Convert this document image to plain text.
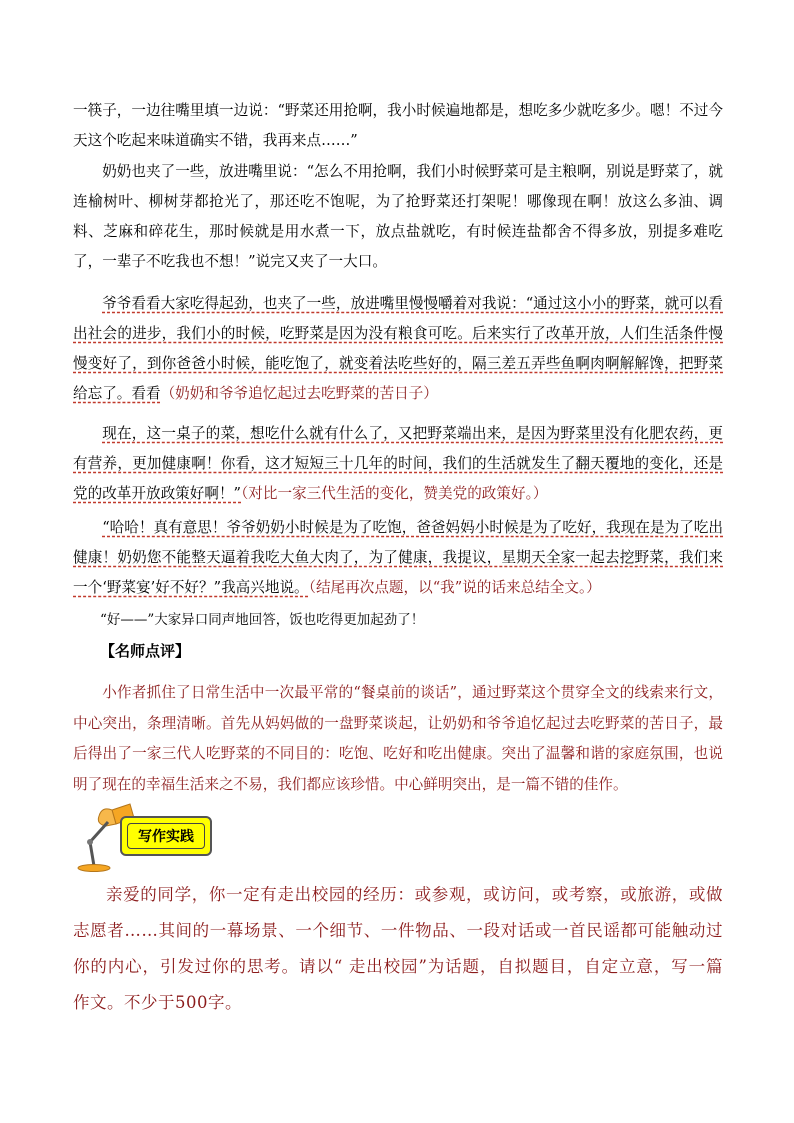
一筷子，一边往嘴里填一边说：“野菜还用抢啊，我小时候遍地都是，想吃多少就吃多少。嗯！不过今天这个吃起来味道确实不错，我再来点……”

奶奶也夹了一些，放进嘴里说：“怎么不用抢啊，我们小时候野菜可是主粮啊，别说是野菜了，就连榆树叶、柳树芽都抢光了，那还吃不饱呢，为了抢野菜还打架呢！哪像现在啊！放这么多油、调料、芝麻和碎花生，那时候就是用水煮一下，放点盐就吃，有时候连盐都舍不得多放，别提多难吃了，一辈子不吃我也不想！”说完又夹了一大口。

爷爷看看大家吃得起劲，也夹了一些，放进嘴里慢慢嚼着对我说：“通过这小小的野菜，就可以看出社会的进步，我们小的时候，吃野菜是因为没有粮食可吃。后来实行了改革开放，人们生活条件慢慢变好了，到你爸爸小时候，能吃饱了，就变着法吃些好的，隔三差五弄些鱼啊肉啊解解馋，把野菜给忘了。看看（奶奶和爷爷追忆起过去吃野菜的苦日子）

现在，这一桌子的菜，想吃什么就有什么了，又把野菜端出来，是因为野菜里没有化肥农药，更有营养，更加健康啊！你看，这才短短三十几年的时间，我们的生活就发生了翻天覆地的变化，还是党的改革开放政策好啊！”（对比一家三代生活的变化，赞美党的政策好。）

“哈哈！真有意思！爷爷奶奶小时候是为了吃饱，爸爸妈妈小时候是为了吃好，我现在是为了吃出健康！奶奶您不能整天逼着我吃大鱼大肉了，为了健康，我提议，星期天全家一起去挖野菜，我们来一个‘野菜宴’好不好？”我高兴地说。（结尾再次点题，以“我”说的话来总结全文。）

“好——”大家异口同声地回答，饭也吃得更加起劲了！

【名师点评】

小作者抓住了日常生活中一次最平常的“餐桌前的谈话”，通过野菜这个贯穿全文的线索来行文，中心突出，条理清晰。首先从妈妈做的一盘野菜谈起，让奶奶和爷爷追忆起过去吃野菜的苦日子，最后得出了一家三代人吃野菜的不同目的：吃饱、吃好和吃出健康。突出了温馨和谐的家庭氛围，也说明了现在的幸福生活来之不易，我们都应该珍惜。中心鲜明突出，是一篇不错的佳作。

写作实践

亲爱的同学，你一定有走出校园的经历：或参观，或访问，或考察，或旅游，或做志愿者……其间的一幕场景、一个细节、一件物品、一段对话或一首民谣都可能触动过你的内心，引发过你的思考。请以“ 走出校园”为话题，自拟题目，自定立意，写一篇作文。不少于500字。
